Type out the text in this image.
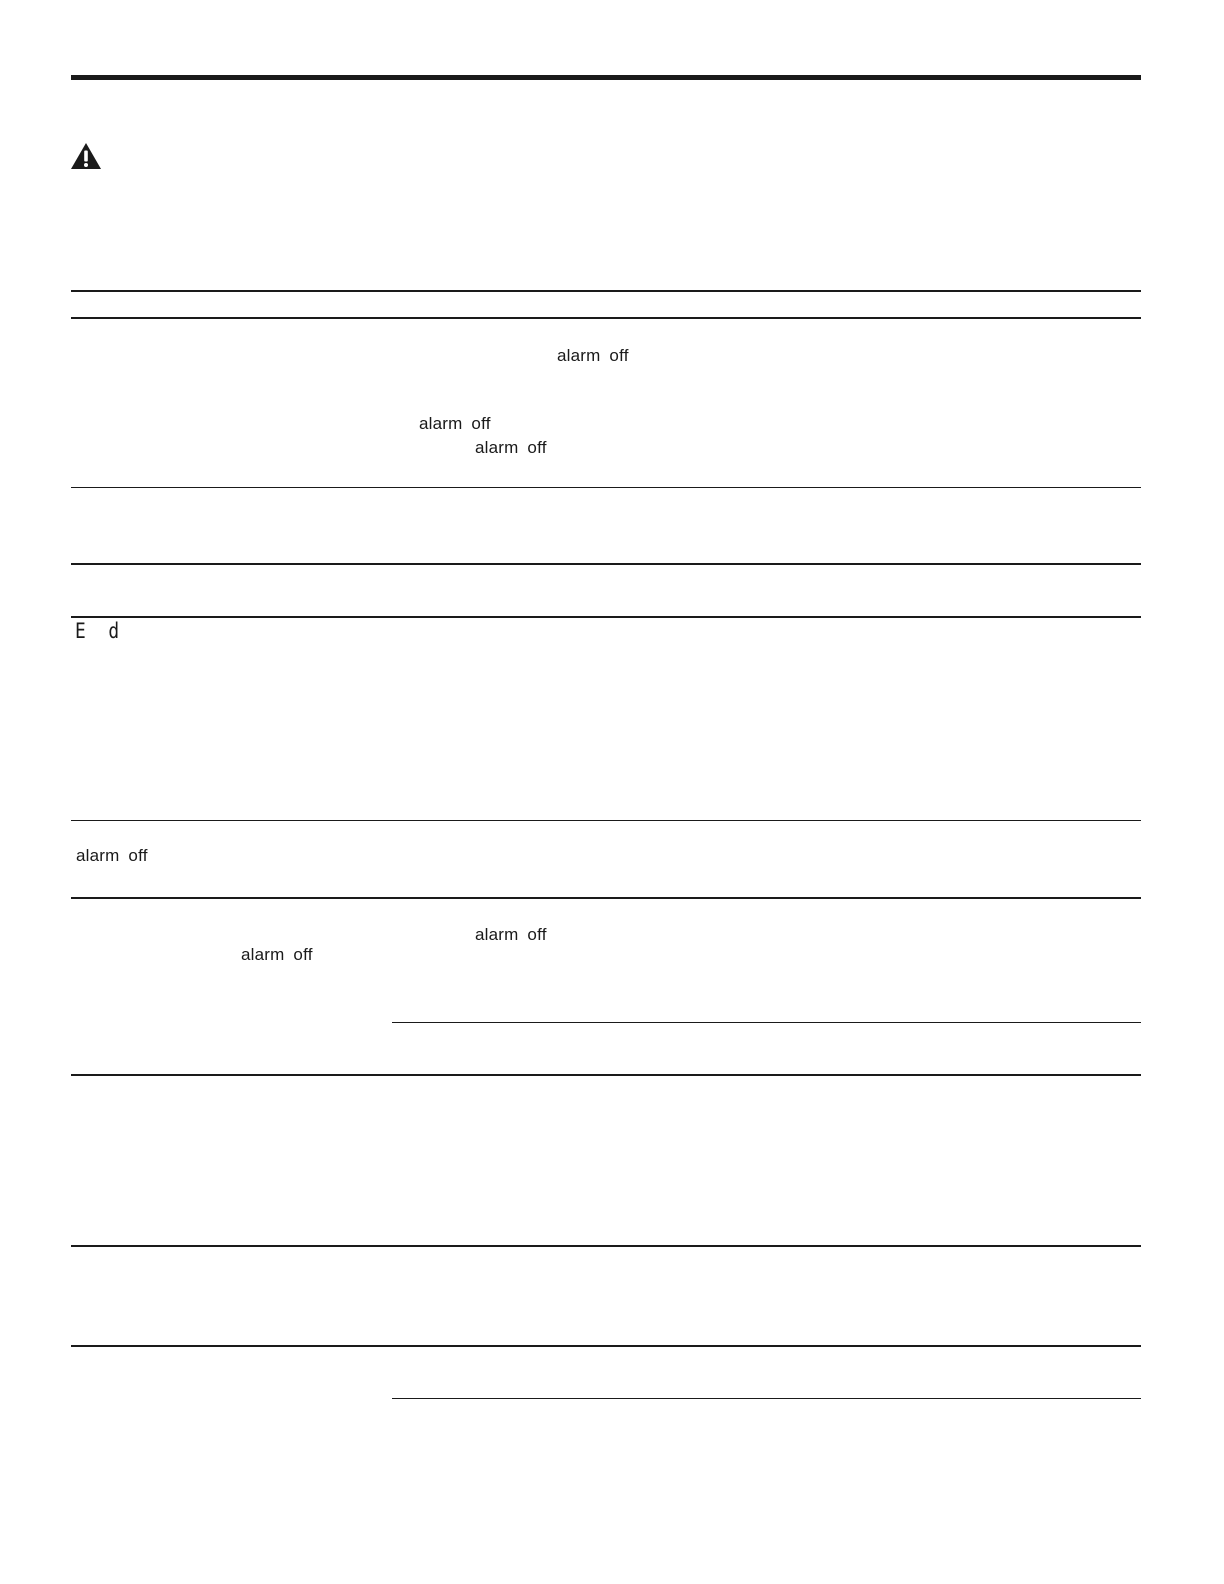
alarm off
alarm off
alarm off
E d
alarm off
alarm off
alarm off
